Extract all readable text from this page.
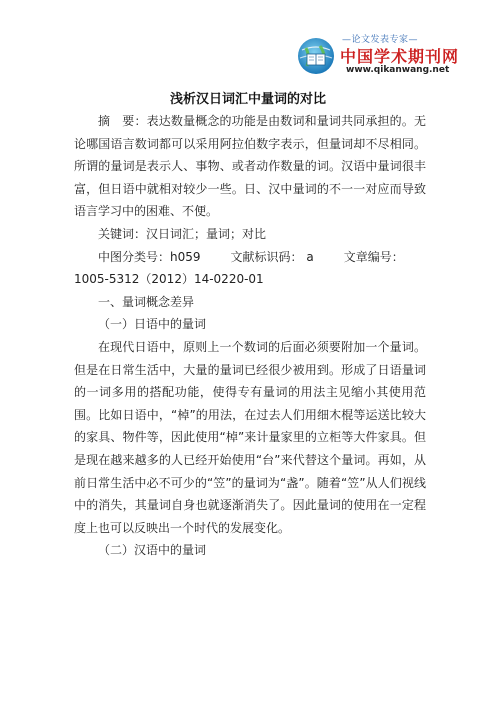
—论文发表专家—
中国学术期刊网
www.qikanwang.net
浅析汉日词汇中量词的对比

摘　要：表达数量概念的功能是由数词和量词共同承担的。无论哪国语言数词都可以采用阿拉伯数字表示，但量词却不尽相同。所谓的量词是表示人、事物、或者动作数量的词。汉语中量词很丰富，但日语中就相对较少一些。日、汉中量词的不一一对应而导致语言学习中的困难、不便。

关键词：汉日词汇；量词；对比

中图分类号：h059	文献标识码： a	文章编号：

1005-5312（2012）14-0220-01

一、量词概念差异

（一）日语中的量词

在现代日语中，原则上一个数词的后面必须要附加一个量词。但是在日常生活中，大量的量词已经很少被用到。形成了日语量词的一词多用的搭配功能，使得专有量词的用法主见缩小其使用范围。比如日语中，“棹”的用法，在过去人们用细木棍等运送比较大的家具、物件等，因此使用“棹”来计量家里的立柜等大件家具。但是现在越来越多的人已经开始使用“台”来代替这个量词。再如，从前日常生活中必不可少的“笠”的量词为“盏”。随着“笠”从人们视线中的消失，其量词自身也就逐渐消失了。因此量词的使用在一定程度上也可以反映出一个时代的发展变化。

（二）汉语中的量词
